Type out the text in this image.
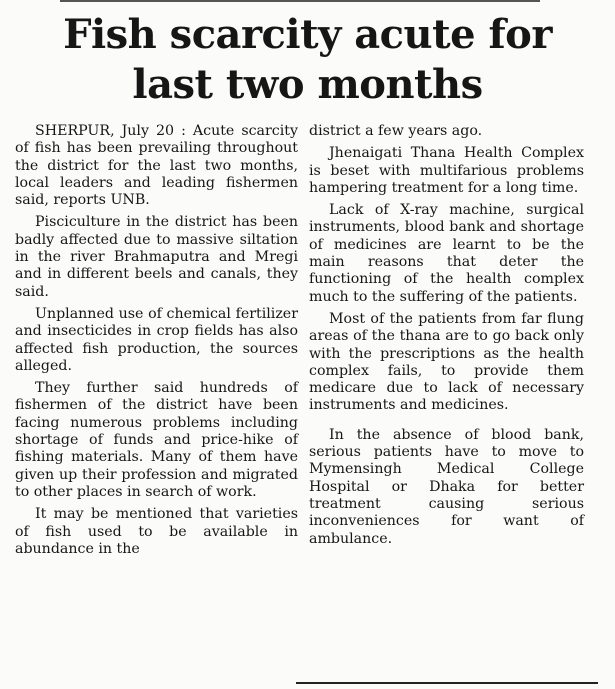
Fish scarcity acute for
last two months

SHERPUR, July 20 : Acute scarcity of fish has been prevailing throughout the district for the last two months, local leaders and leading fishermen said, reports UNB.

Pisciculture in the district has been badly affected due to massive siltation in the river Brahmaputra and Mregi and in different beels and canals, they said.

Unplanned use of chemical fertilizer and insecticides in crop fields has also affected fish production, the sources alleged.

They further said hundreds of fishermen of the district have been facing numerous problems including shortage of funds and price-hike of fishing materials. Many of them have given up their profession and migrated to other places in search of work.

It may be mentioned that varieties of fish used to be available in abundance in the

district a few years ago.

Jhenaigati Thana Health Complex is beset with multifarious problems hampering treatment for a long time.

Lack of X-ray machine, surgical instruments, blood bank and shortage of medicines are learnt to be the main reasons that deter the functioning of the health complex much to the suffering of the patients.

Most of the patients from far flung areas of the thana are to go back only with the prescriptions as the health complex fails, to provide them medicare due to lack of necessary instruments and medicines.

In the absence of blood bank, serious patients have to move to Mymensingh Medical College Hospital or Dhaka for better treatment causing serious inconveniences for want of ambulance.
